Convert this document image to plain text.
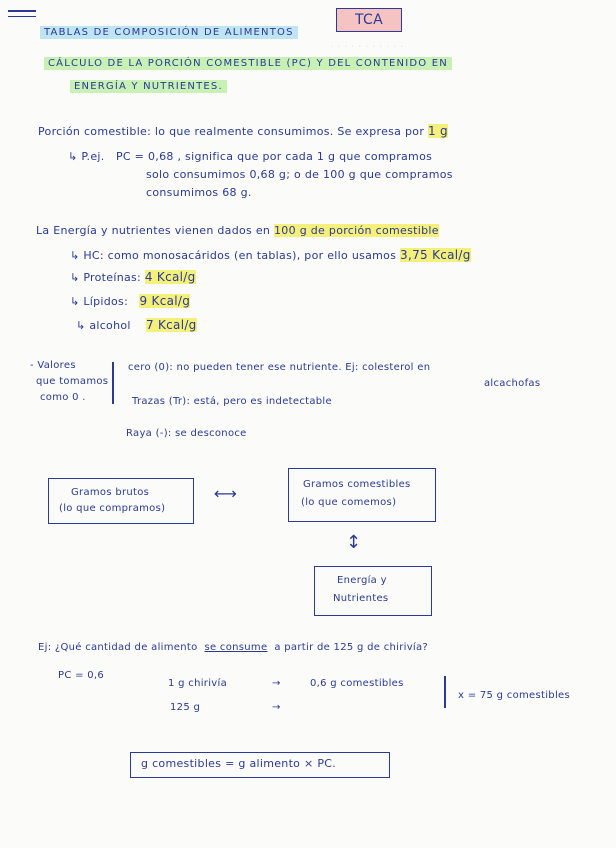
· · · · · · · · · · ·
TABLAS DE COMPOSICIÓN DE ALIMENTOS
TCA
CÁLCULO DE LA PORCIÓN COMESTIBLE (PC) Y DEL CONTENIDO EN
ENERGÍA Y NUTRIENTES.
Porción comestible: lo que realmente consumimos. Se expresa por 1 g
↳ P.ej. PC = 0,68 , significa que por cada 1 g que compramos
solo consumimos 0,68 g; o de 100 g que compramos
consumimos 68 g.
La Energía y nutrientes vienen dados en 100 g de porción comestible
↳ HC: como monosacáridos (en tablas), por ello usamos 3,75 Kcal/g
↳ Proteínas: 4 Kcal/g
↳ Lípidos: 9 Kcal/g
↳ alcohol 7 Kcal/g
- Valores
que tomamos
como 0 .
cero (0): no pueden tener ese nutriente. Ej: colesterol en
alcachofas
Trazas (Tr): está, pero es indetectable
Raya (-): se desconoce
Gramos brutos
(lo que compramos)
⟷	Gramos comestibles
(lo que comemos)
↕
Energía y
Nutrientes
Ej: ¿Qué cantidad de alimento se consume a partir de 125 g de chirivía?
PC = 0,6
1 g chirivía	→	0,6 g comestibles
125 g	→
x = 75 g comestibles
g comestibles = g alimento × PC.
